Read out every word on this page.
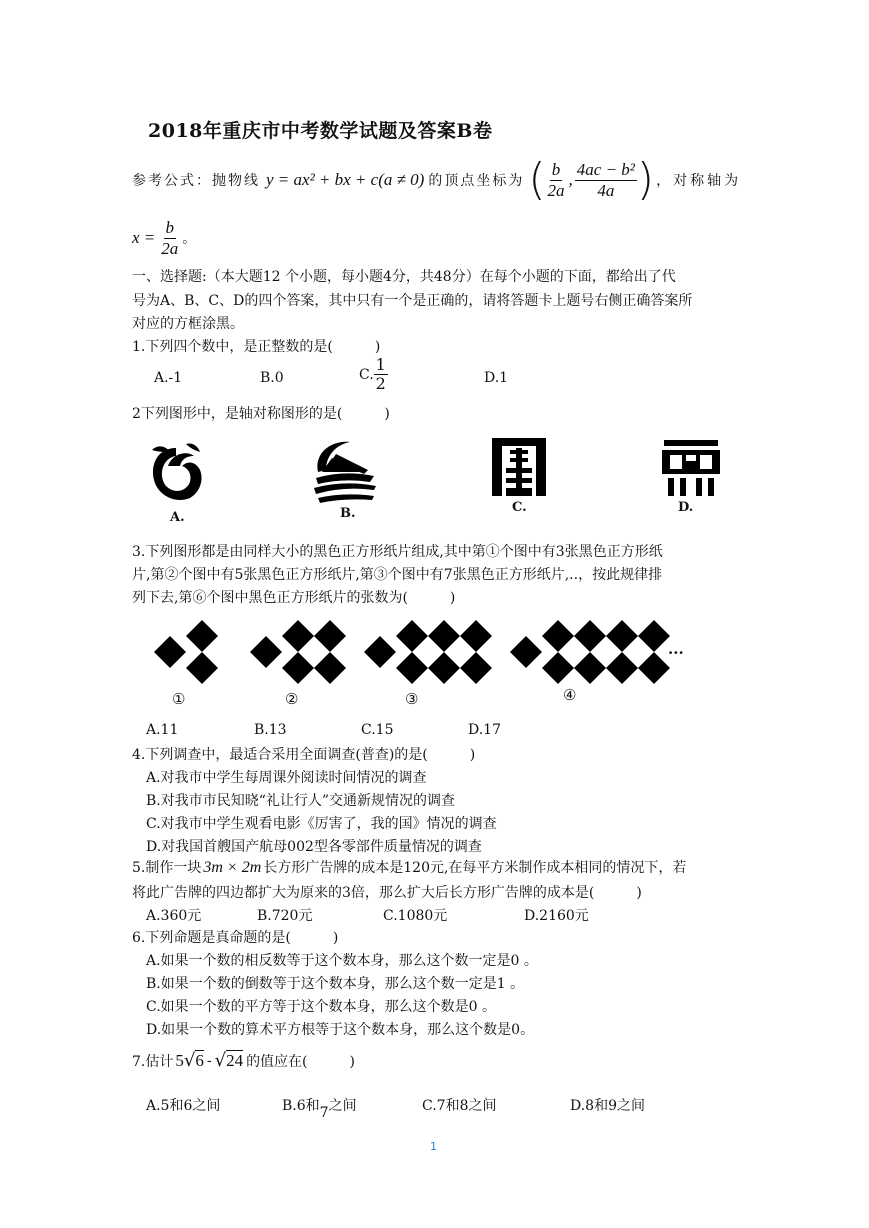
2018年重庆市中考数学试题及答案B卷
参考公式：抛物线 y = ax² + bx + c(a ≠ 0) 的顶点坐标为 ( $\frac{b}{2a}$ , $\frac{\text{4ac − b²}}{4a}$ ) ，对称轴为
$x = \frac{b}{2a}$ 。
一、选择题:（本大题12 个小题，每小题4分，共48分）在每个小题的下面，都给出了代
号为A、B、C、D的四个答案，其中只有一个是正确的，请将答题卡上题号右侧正确答案所
对应的方框涂黑。
1.下列四个数中，是正整数的是(　　　)
A.-1	B.0	C. $\frac{1}{2}$	D.1
2下列图形中，是轴对称图形的是(　　　)
A.	B.	C.	D.
3.下列图形都是由同样大小的黑色正方形纸片组成,其中第①个图中有3张黑色正方形纸
片,第②个图中有5张黑色正方形纸片,第③个图中有7张黑色正方形纸片,..，按此规律排
列下去,第⑥个图中黑色正方形纸片的张数为(　　　)
①	②	③	④
···
A.11	B.13	C.15	D.17
4.下列调查中，最适合采用全面调查(普查)的是(　　　)
A.对我市中学生每周课外阅读时间情况的调查
B.对我市市民知晓“礼让行人”交通新规情况的调查
C.对我市中学生观看电影《厉害了，我的国》情况的调查
D.对我国首艘国产航母002型各零部件质量情况的调查
5.制作一块 3m × 2m 长方形广告牌的成本是120元,在每平方米制作成本相同的情况下，若
将此广告牌的四边都扩大为原来的3倍，那么扩大后长方形广告牌的成本是(　　　)
A.360元	B.720元	C.1080元	D.2160元
6.下列命题是真命题的是(　　　)
A.如果一个数的相反数等于这个数本身，那么这个数一定是0 。
B.如果一个数的倒数等于这个数本身，那么这个数一定是1 。
C.如果一个数的平方等于这个数本身，那么这个数是0 。
D.如果一个数的算术平方根等于这个数本身，那么这个数是0。
7.估计 5 √ 6 - √ 24 的值应在(　　　)
A.5和6之间	B.6和7之间	C.7和8之间	D.8和9之间
1
